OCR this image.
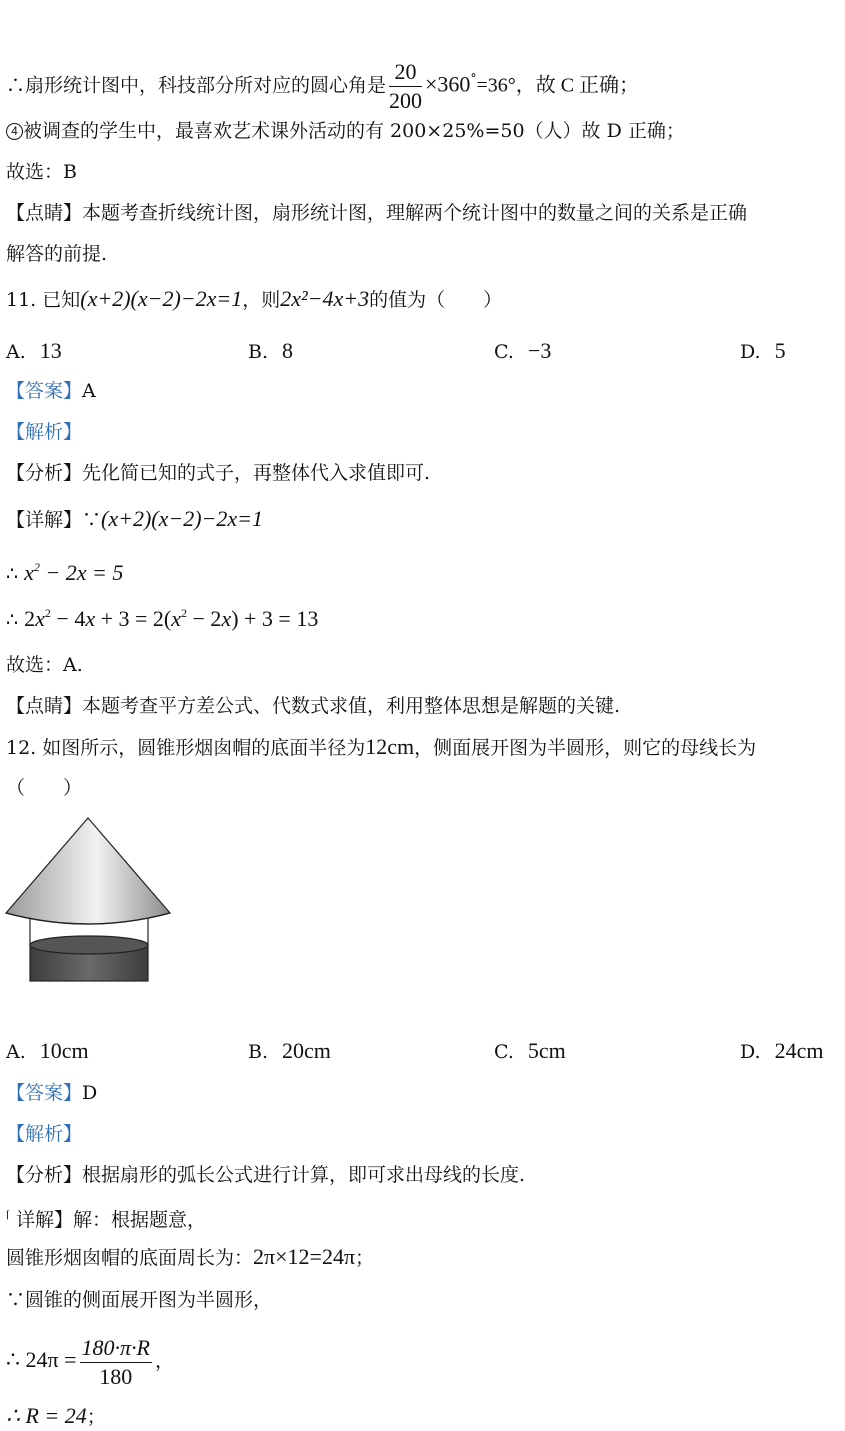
∴扇形统计图中，科技部分所对应的圆心角是 $\frac{20}{200} \times 360^\circ=36^\circ$，故 C 正确；
4 被调查的学生中，最喜欢艺术课外活动的有 200×25%=50（人）故 D 正确；
故选：B
【点睛】本题考查折线统计图，扇形统计图，理解两个统计图中的数量之间的关系是正确
解答的前提.
11. 已知(x+2)(x−2)−2x=1，则2x²−4x+3的值为（　　）
A. 13	B. 8	C. −3	D. 5
【答案】A
【解析】
【分析】先化简已知的式子，再整体代入求值即可.
【详解】∵(x+2)(x−2)−2x=1
∴ $x^2 - 2x = 5$
∴ $2x^2 - 4x + 3 = 2(x^2 - 2x) + 3 = 13$
故选：A.
【点睛】本题考查平方差公式、代数式求值，利用整体思想是解题的关键.
12. 如图所示，圆锥形烟囱帽的底面半径为12cm，侧面展开图为半圆形，则它的母线长为
（　　）
A. 10cm	B. 20cm	C. 5cm	D. 24cm
【答案】D
【解析】
【分析】根据扇形的弧长公式进行计算，即可求出母线的长度.
⌈ 详解】解：根据题意，
圆锥形烟囱帽的底面周长为：2π×12=24π；
∵圆锥的侧面展开图为半圆形，
∴ $24\pi = \frac{180\cdot\pi\cdot R}{180}$ ，
∴ R = 24；
